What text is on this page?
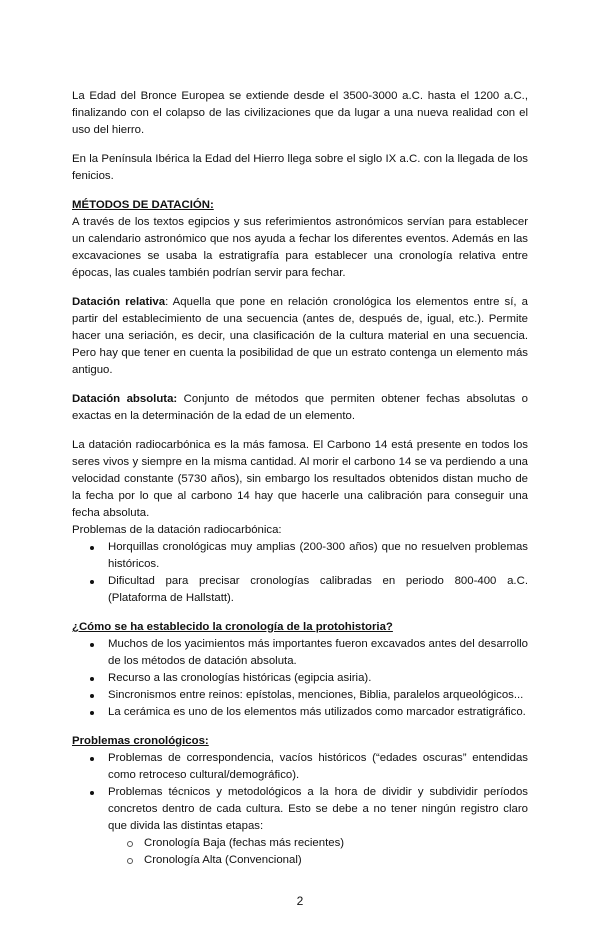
La Edad del Bronce Europea se extiende desde el 3500-3000 a.C. hasta el 1200 a.C., finalizando con el colapso de las civilizaciones que da lugar a una nueva realidad con el uso del hierro.

En la Península Ibérica la Edad del Hierro llega sobre el siglo IX a.C. con la llegada de los fenicios.

MÉTODOS DE DATACIÓN:

A través de los textos egipcios y sus referimientos astronómicos servían para establecer un calendario astronómico que nos ayuda a fechar los diferentes eventos. Además en las excavaciones se usaba la estratigrafía para establecer una cronología relativa entre épocas, las cuales también podrían servir para fechar.

Datación relativa: Aquella que pone en relación cronológica los elementos entre sí, a partir del establecimiento de una secuencia (antes de, después de, igual, etc.). Permite hacer una seriación, es decir, una clasificación de la cultura material en una secuencia. Pero hay que tener en cuenta la posibilidad de que un estrato contenga un elemento más antiguo.

Datación absoluta: Conjunto de métodos que permiten obtener fechas absolutas o exactas en la determinación de la edad de un elemento.

La datación radiocarbónica es la más famosa. El Carbono 14 está presente en todos los seres vivos y siempre en la misma cantidad. Al morir el carbono 14 se va perdiendo a una velocidad constante (5730 años), sin embargo los resultados obtenidos distan mucho de la fecha por lo que al carbono 14 hay que hacerle una calibración para conseguir una fecha absoluta.

Problemas de la datación radiocarbónica:

Horquillas cronológicas muy amplias (200-300 años) que no resuelven problemas históricos.
Dificultad para precisar cronologías calibradas en periodo 800-400 a.C. (Plataforma de Hallstatt).

¿Cómo se ha establecido la cronología de la protohistoria?

Muchos de los yacimientos más importantes fueron excavados antes del desarrollo de los métodos de datación absoluta.
Recurso a las cronologías históricas (egipcia asiria).
Sincronismos entre reinos: epístolas, menciones, Biblia, paralelos arqueológicos...
La cerámica es uno de los elementos más utilizados como marcador estratigráfico.

Problemas cronológicos:

Problemas de correspondencia, vacíos históricos (“edades oscuras” entendidas como retroceso cultural/demográfico).
Problemas técnicos y metodológicos a la hora de dividir y subdividir períodos concretos dentro de cada cultura. Esto se debe a no tener ningún registro claro que divida las distintas etapas:
Cronología Baja (fechas más recientes)
Cronología Alta (Convencional)
2
